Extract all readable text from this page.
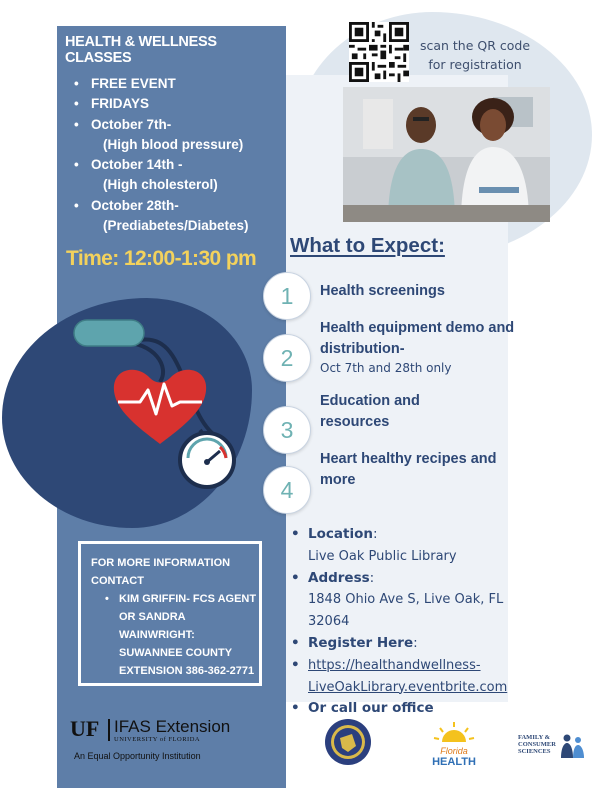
HEALTH & WELLNESS CLASSES
• FREE EVENT
• FRIDAYS
• October 7th-
(High blood pressure)
• October 14th -
(High cholesterol)
• October 28th-
(Prediabetes/Diabetes)
Time: 12:00-1:30 pm
FOR MORE INFORMATION CONTACT
• KIM GRIFFIN- FCS AGENT OR SANDRA WAINWRIGHT: SUWANNEE COUNTY EXTENSION 386-362-2771
UF IFAS Extension
UNIVERSITY of FLORIDA
An Equal Opportunity Institution
scan the QR code for registration
What to Expect:
1	Health screenings
2
Health equipment demo and distribution-
Oct 7th and 28th only
3
Education and resources
4
Heart healthy recipes and more
• Location:
Live Oak Public Library
• Address:
1848 Ohio Ave S, Live Oak, FL 32064
• Register Here:
• https://healthandwellness-LiveOakLibrary.eventbrite.com
• Or call our office
Florida
HEALTH
FAMILY &
CONSUMER
SCIENCES
